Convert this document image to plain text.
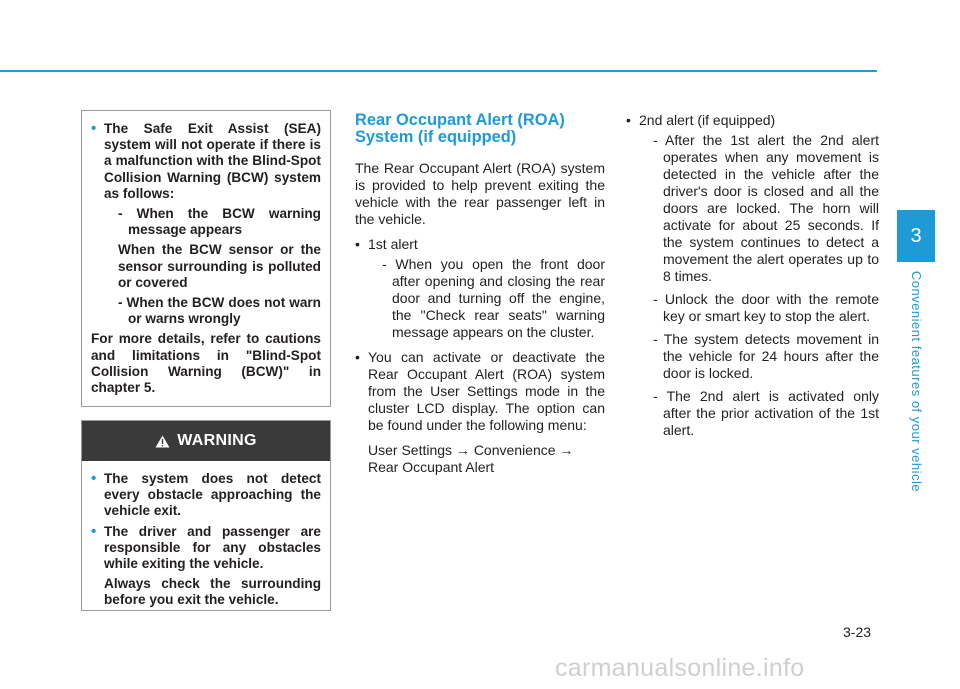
• The Safe Exit Assist (SEA) system will not operate if there is a malfunction with the Blind-Spot Collision Warning (BCW) system as follows:
- When the BCW warning message appears
When the BCW sensor or the sensor surrounding is polluted or covered
- When the BCW does not warn or warns wrongly
For more details, refer to cautions and limitations in "Blind-Spot Collision Warning (BCW)" in chapter 5.
WARNING
• The system does not detect every obstacle approaching the vehicle exit.
• The driver and passenger are responsible for any obstacles while exiting the vehicle.
Always check the surrounding before you exit the vehicle.
Rear Occupant Alert (ROA) System (if equipped)
The Rear Occupant Alert (ROA) system is provided to help prevent exiting the vehicle with the rear passenger left in the vehicle.
• 1st alert
- When you open the front door after opening and closing the rear door and turning off the engine, the "Check rear seats" warning message appears on the cluster.
• You can activate or deactivate the Rear Occupant Alert (ROA) system from the User Settings mode in the cluster LCD display. The option can be found under the following menu:
User Settings → Convenience → Rear Occupant Alert
• 2nd alert (if equipped)
- After the 1st alert the 2nd alert operates when any movement is detected in the vehicle after the driver's door is closed and all the doors are locked. The horn will activate for about 25 seconds. If the system continues to detect a movement the alert operates up to 8 times.
- Unlock the door with the remote key or smart key to stop the alert.
- The system detects movement in the vehicle for 24 hours after the door is locked.
- The 2nd alert is activated only after the prior activation of the 1st alert.
3
Convenient features of your vehicle
3-23
carmanualsonline.info
